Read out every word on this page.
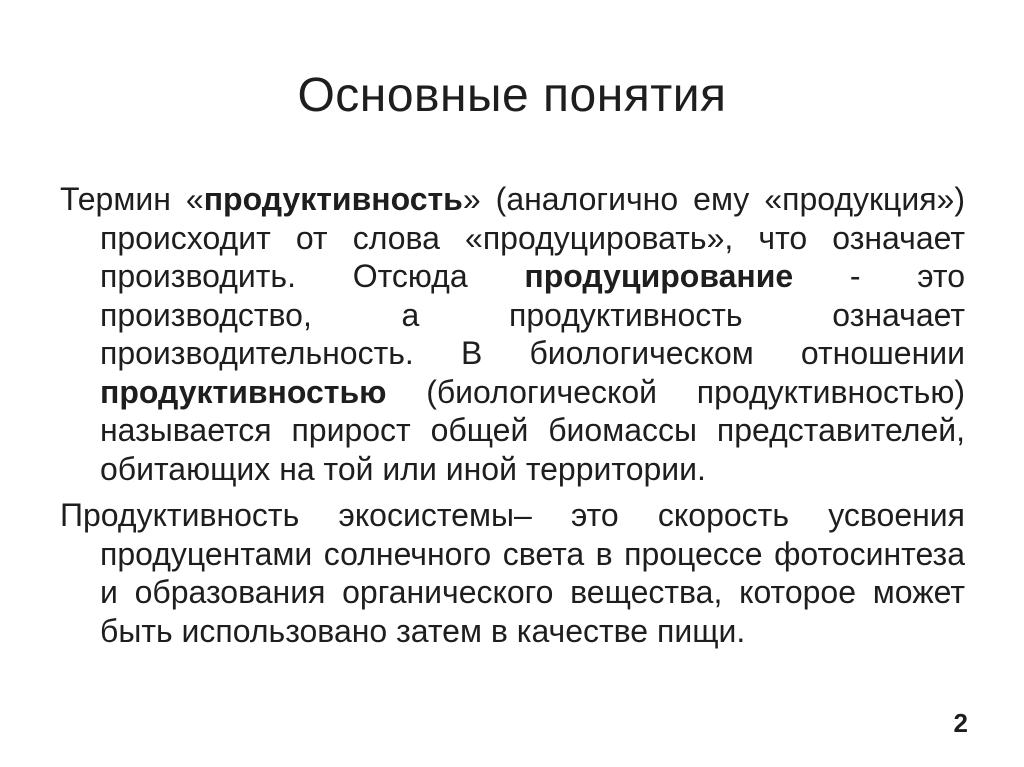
Основные понятия

Термин «продуктивность» (аналогично ему «продукция») происходит от слова «продуцировать», что означает производить. Отсюда продуцирование - это производство, а продуктивность означает производительность. В биологическом отношении продуктивностью (биологической продуктивностью) называется прирост общей биомассы представителей, обитающих на той или иной территории.

Продуктивность экосистемы– это скорость усвоения продуцентами солнечного света в процессе фотосинтеза и образования органического вещества, которое может быть использовано затем в качестве пищи.

2
